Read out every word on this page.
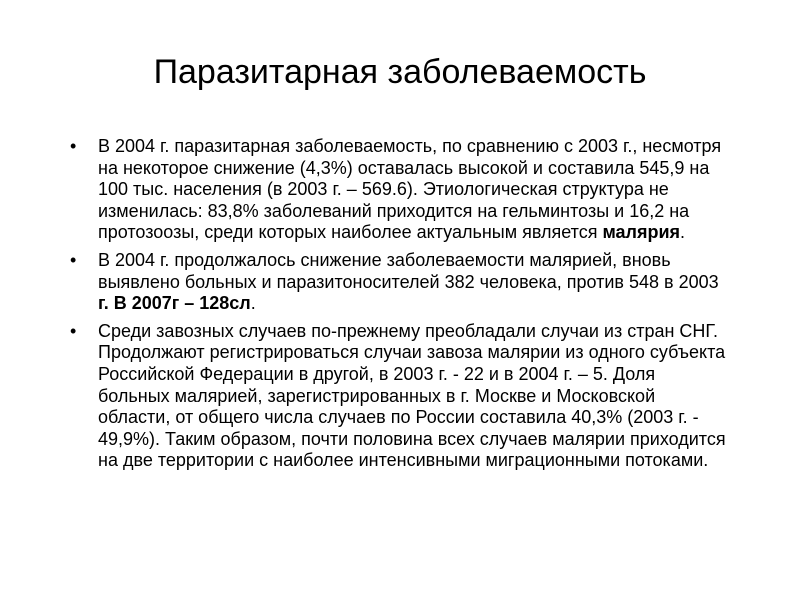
Паразитарная заболеваемость
• В 2004 г. паразитарная заболеваемость, по сравнению с 2003 г., несмотря на некоторое снижение (4,3%) оставалась высокой и составила 545,9 на 100 тыс. населения (в 2003 г. – 569.6). Этиологическая структура не изменилась: 83,8% заболеваний приходится на гельминтозы и 16,2 на протозоозы, среди которых наиболее актуальным является малярия.
• В 2004 г. продолжалось снижение заболеваемости малярией, вновь выявлено больных и паразитоносителей 382 человека, против 548 в 2003 г. В 2007г – 128сл.
• Среди завозных случаев по-прежнему преобладали случаи из стран СНГ. Продолжают регистрироваться случаи завоза малярии из одного субъекта Российской Федерации в другой, в 2003 г. - 22 и в 2004 г. – 5. Доля больных малярией, зарегистрированных в г. Москве и Московской области, от общего числа случаев по России составила 40,3% (2003 г. - 49,9%). Таким образом, почти половина всех случаев малярии приходится на две территории с наиболее интенсивными миграционными потоками.
